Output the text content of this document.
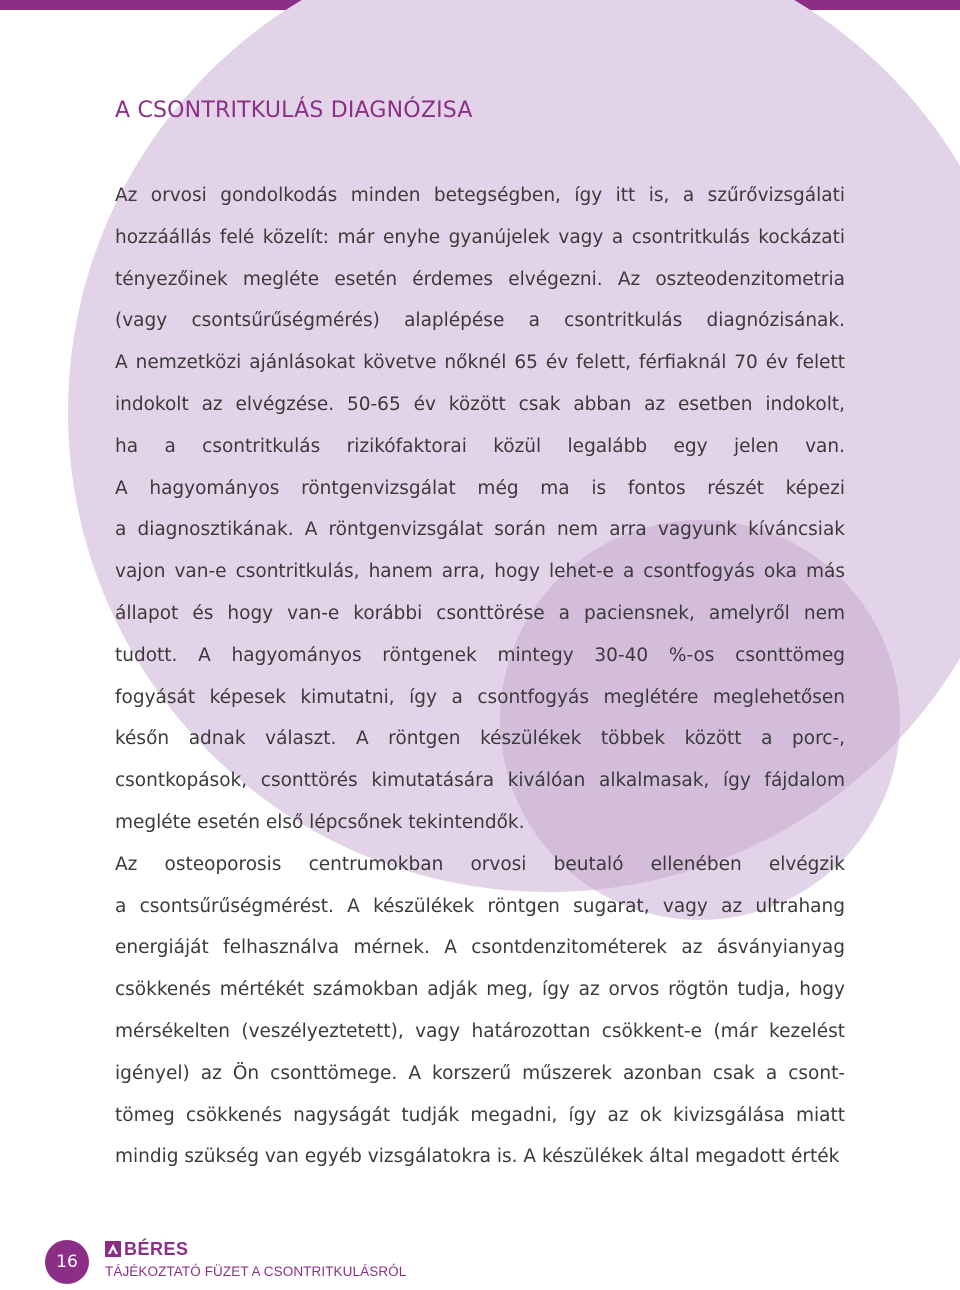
A CSONTRITKULÁS DIAGNÓZISA
Az orvosi gondolkodás minden betegségben, így itt is, a szűrővizsgálati
hozzáállás felé közelít: már enyhe gyanújelek vagy a csontritkulás kockázati
tényezőinek megléte esetén érdemes elvégezni. Az oszteodenzitometria
(vagy csontsűrűségmérés) alaplépése a csontritkulás diagnózisának.
A nemzetközi ajánlásokat követve nőknél 65 év felett, férfiaknál 70 év felett
indokolt az elvégzése. 50-65 év között csak abban az esetben indokolt,
ha a csontritkulás rizikófaktorai közül legalább egy jelen van.
A hagyományos röntgenvizsgálat még ma is fontos részét képezi
a diagnosztikának. A röntgenvizsgálat során nem arra vagyunk kíváncsiak
vajon van-e csontritkulás, hanem arra, hogy lehet-e a csontfogyás oka más
állapot és hogy van-e korábbi csonttörése a paciensnek, amelyről nem
tudott. A hagyományos röntgenek mintegy 30-40 %-os csonttömeg
fogyását képesek kimutatni, így a csontfogyás meglétére meglehetősen
későn adnak választ. A röntgen készülékek többek között a porc-,
csontkopások, csonttörés kimutatására kiválóan alkalmasak, így fájdalom
megléte esetén első lépcsőnek tekintendők.
Az osteoporosis centrumokban orvosi beutaló ellenében elvégzik
a csontsűrűségmérést. A készülékek röntgen sugarat, vagy az ultrahang
energiáját felhasználva mérnek. A csontdenzitométerek az ásványianyag
csökkenés mértékét számokban adják meg, így az orvos rögtön tudja, hogy
mérsékelten (veszélyeztetett), vagy határozottan csökkent-e (már kezelést
igényel) az Ön csonttömege. A korszerű műszerek azonban csak a csont-
tömeg csökkenés nagyságát tudják megadni, így az ok kivizsgálása miatt
mindig szükség van egyéb vizsgálatokra is. A készülékek által megadott érték
16
BÉRES
TÁJÉKOZTATÓ FÜZET A CSONTRITKULÁSRÓL
